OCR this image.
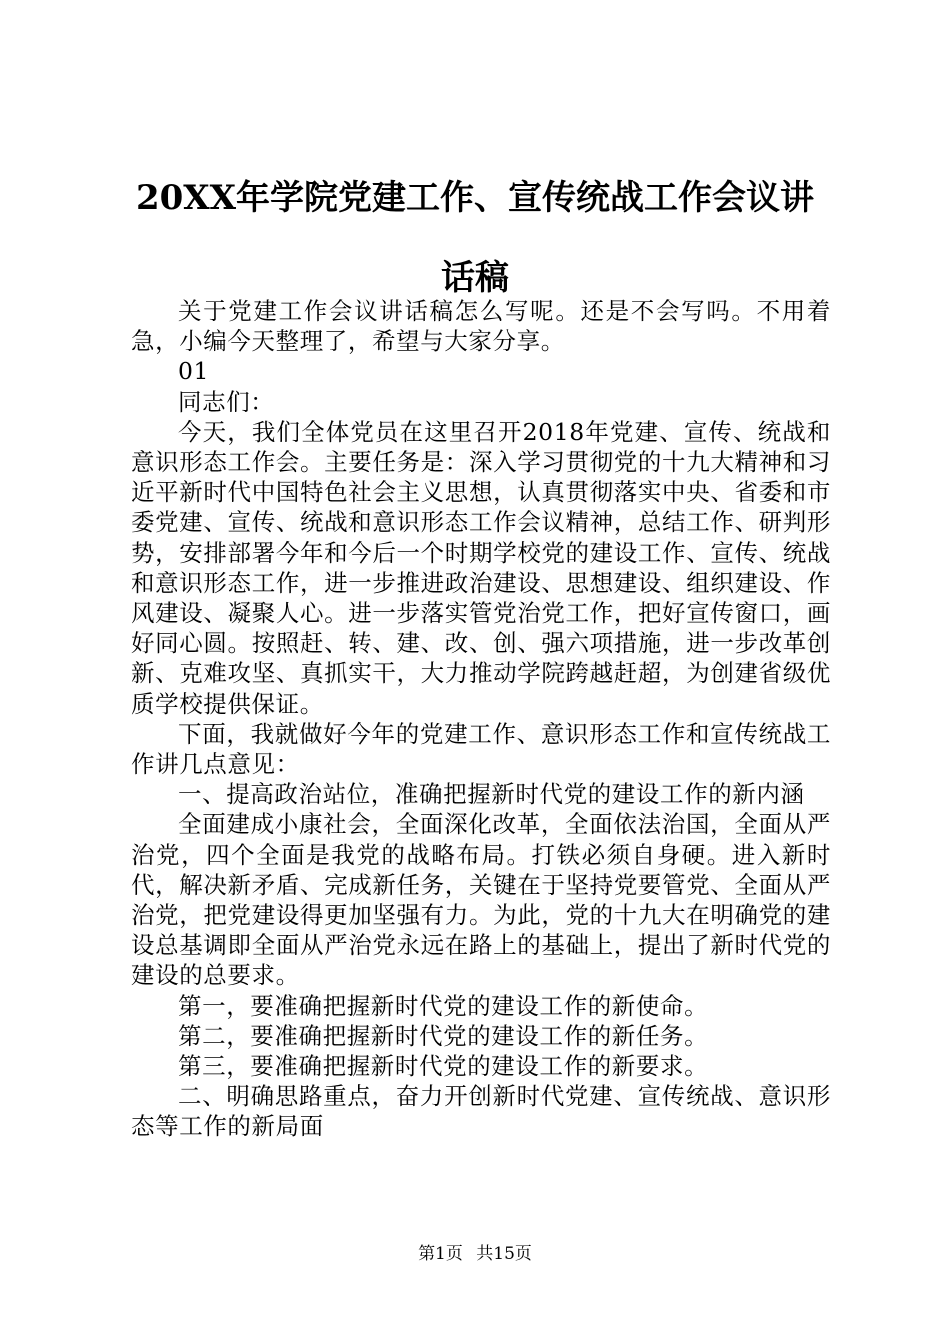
20XX年学院党建工作、宣传统战工作会议讲
话稿

关于党建工作会议讲话稿怎么写呢。还是不会写吗。不用着急，小编今天整理了，希望与大家分享。

01

同志们：

今天，我们全体党员在这里召开2018年党建、宣传、统战和意识形态工作会。主要任务是：深入学习贯彻党的十九大精神和习近平新时代中国特色社会主义思想，认真贯彻落实中央、省委和市委党建、宣传、统战和意识形态工作会议精神，总结工作、研判形势，安排部署今年和今后一个时期学校党的建设工作、宣传、统战和意识形态工作，进一步推进政治建设、思想建设、组织建设、作风建设、凝聚人心。进一步落实管党治党工作，把好宣传窗口，画好同心圆。按照赶、转、建、改、创、强六项措施，进一步改革创新、克难攻坚、真抓实干，大力推动学院跨越赶超，为创建省级优质学校提供保证。

下面，我就做好今年的党建工作、意识形态工作和宣传统战工作讲几点意见：

一、提高政治站位，准确把握新时代党的建设工作的新内涵

全面建成小康社会，全面深化改革，全面依法治国，全面从严治党，四个全面是我党的战略布局。打铁必须自身硬。进入新时代，解决新矛盾、完成新任务，关键在于坚持党要管党、全面从严治党，把党建设得更加坚强有力。为此，党的十九大在明确党的建设总基调即全面从严治党永远在路上的基础上，提出了新时代党的建设的总要求。

第一，要准确把握新时代党的建设工作的新使命。

第二，要准确把握新时代党的建设工作的新任务。

第三，要准确把握新时代党的建设工作的新要求。

二、明确思路重点，奋力开创新时代党建、宣传统战、意识形态等工作的新局面

第1页 共15页
